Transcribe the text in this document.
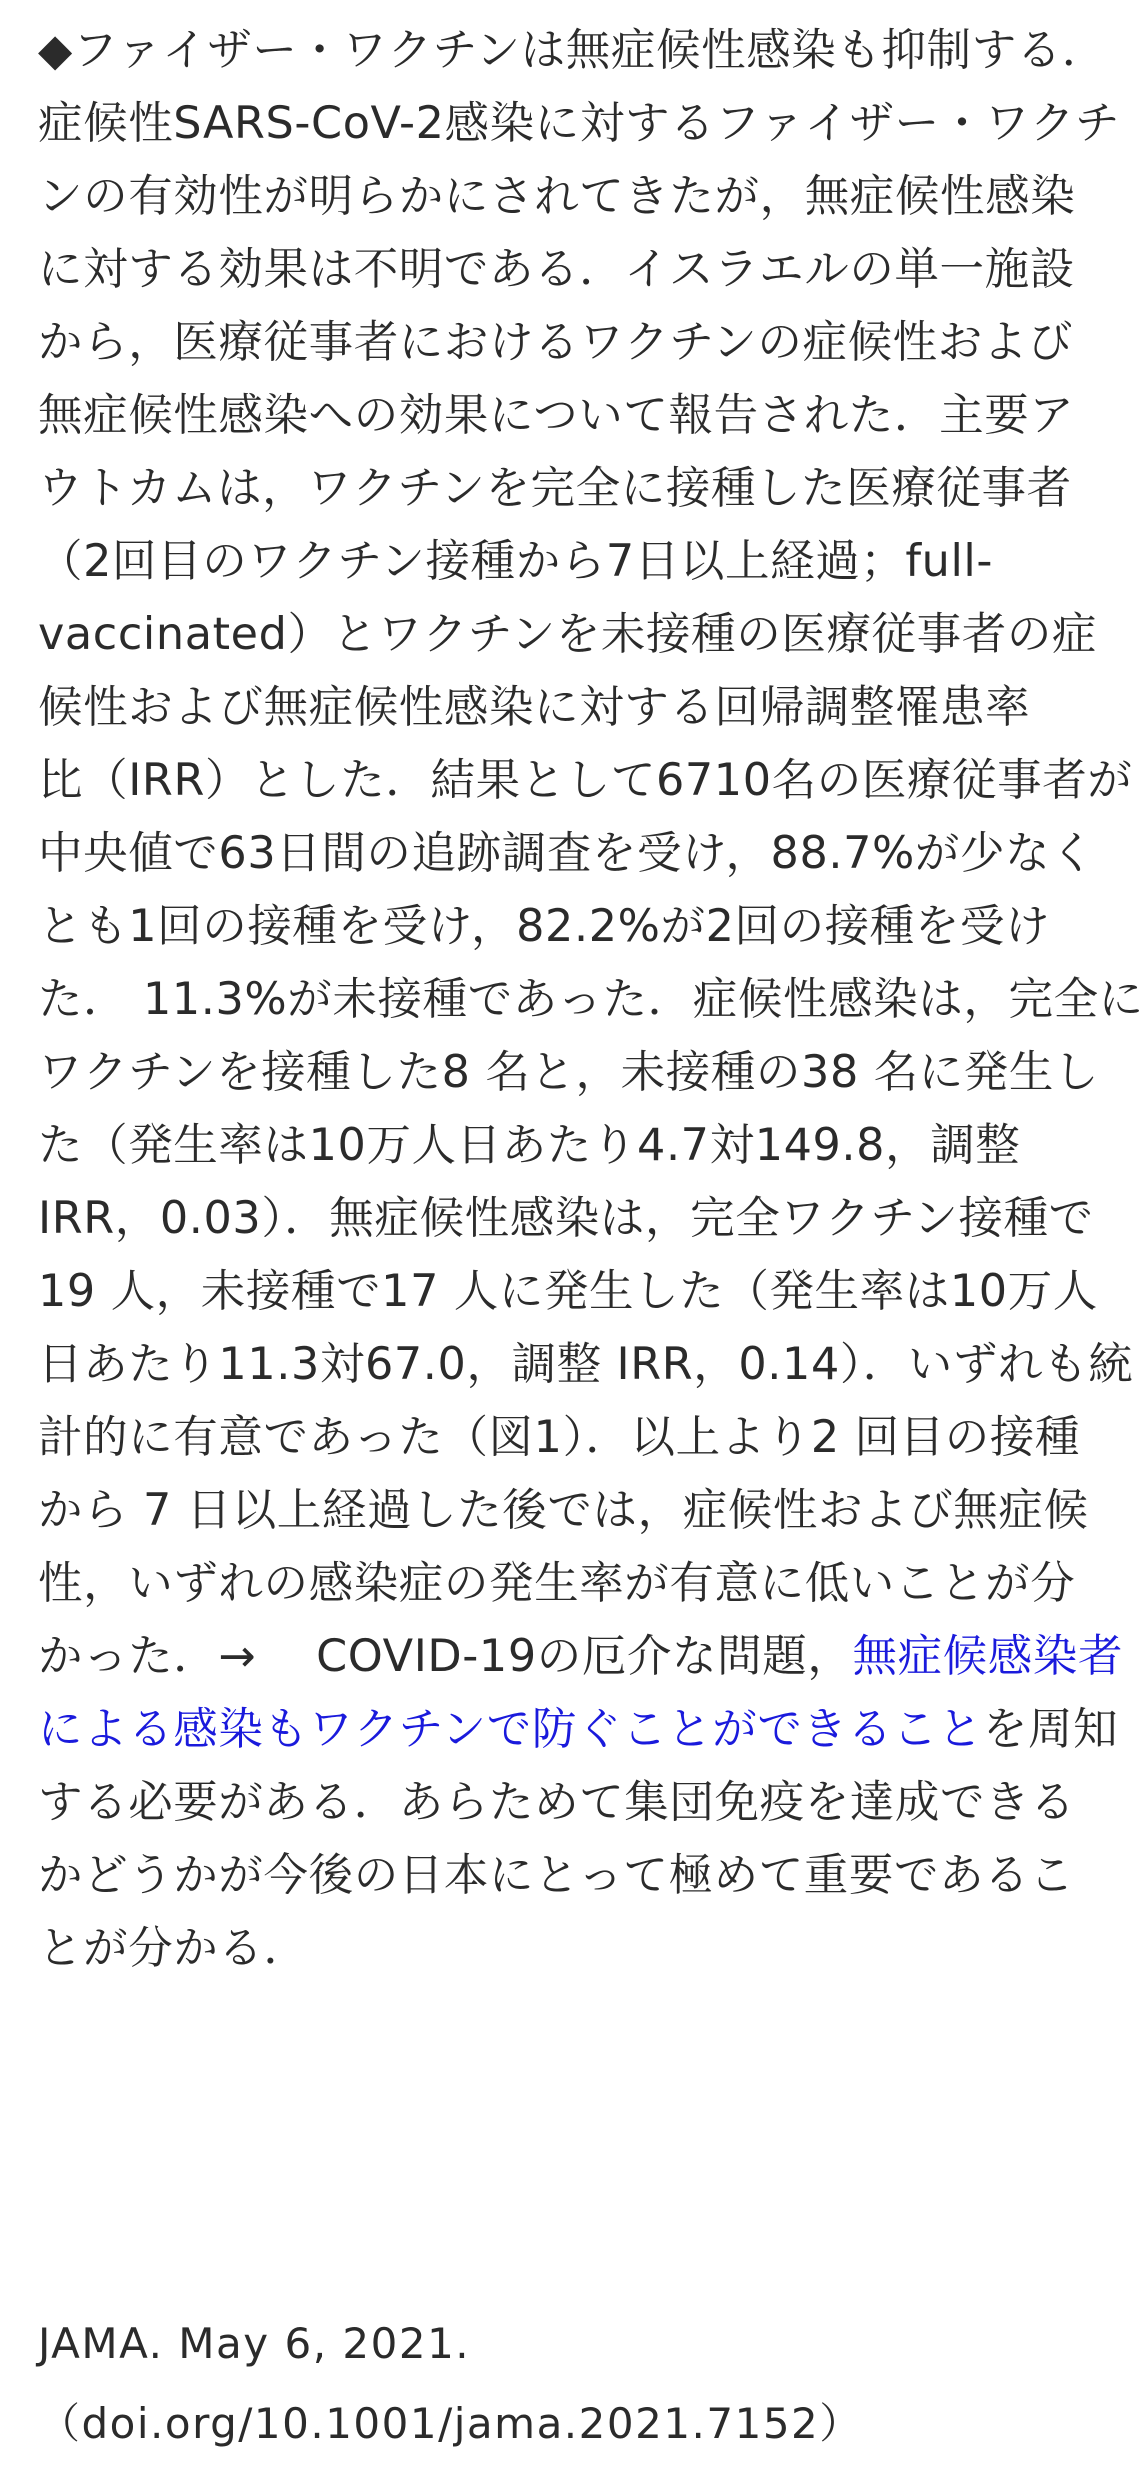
◆ファイザー・ワクチンは無症候性感染も抑制する．
症候性SARS-CoV-2感染に対するファイザー・ワクチ
ンの有効性が明らかにされてきたが，無症候性感染
に対する効果は不明である．イスラエルの単一施設
から，医療従事者におけるワクチンの症候性および
無症候性感染への効果について報告された．主要ア
ウトカムは，ワクチンを完全に接種した医療従事者
（2回目のワクチン接種から7日以上経過；full-
vaccinated）とワクチンを未接種の医療従事者の症
候性および無症候性感染に対する回帰調整罹患率
比（IRR）とした．結果として6710名の医療従事者が
中央値で63日間の追跡調査を受け，88.7%が少なく
とも1回の接種を受け，82.2%が2回の接種を受け
た． 11.3%が未接種であった．症候性感染は，完全に
ワクチンを接種した8 名と，未接種の38 名に発生し
た（発生率は10万人日あたり4.7対149.8，調整
IRR，0.03）．無症候性感染は，完全ワクチン接種で
19 人，未接種で17 人に発生した（発生率は10万人
日あたり11.3対67.0，調整 IRR，0.14）．いずれも統
計的に有意であった（図1）．以上より2 回目の接種
から 7 日以上経過した後では，症候性および無症候
性，いずれの感染症の発生率が有意に低いことが分
かった．→　 COVID-19の厄介な問題，無症候感染者
による感染もワクチンで防ぐことができることを周知
する必要がある．あらためて集団免疫を達成できる
かどうかが今後の日本にとって極めて重要であるこ
とが分かる．
JAMA. May 6, 2021.
（doi.org/10.1001/jama.2021.7152）
